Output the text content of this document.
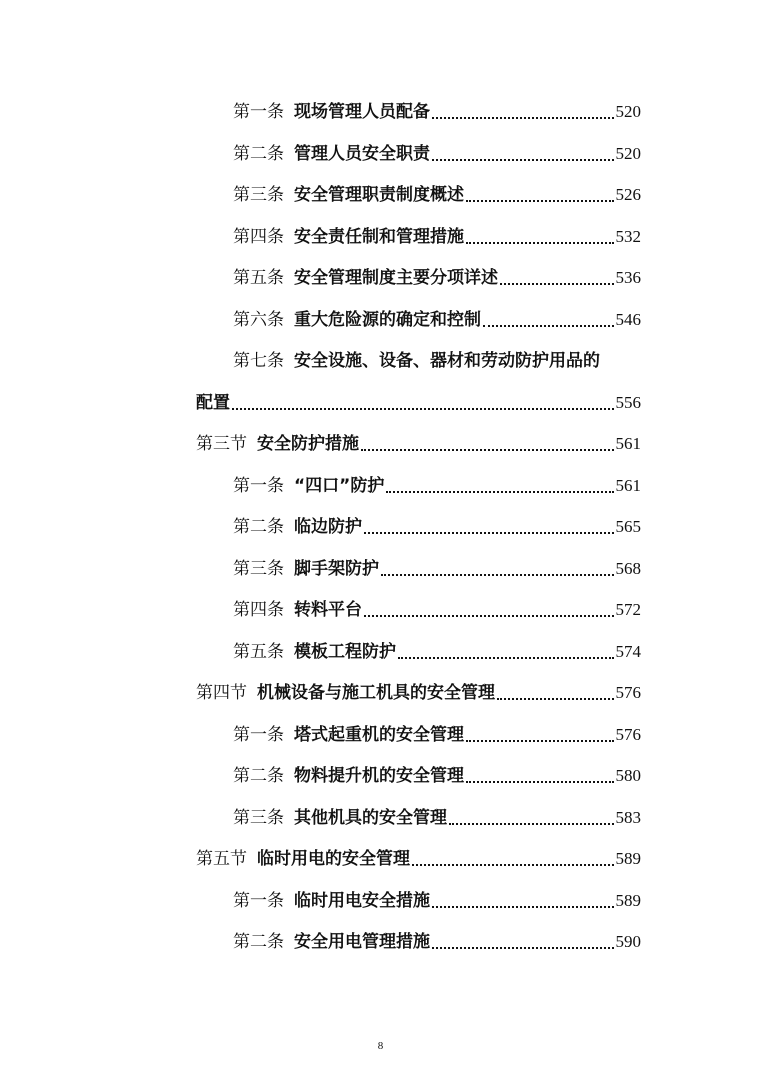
第一条 现场管理人员配备	520
第二条 管理人员安全职责	520
第三条 安全管理职责制度概述	526
第四条 安全责任制和管理措施	532
第五条 安全管理制度主要分项详述	536
第六条 重大危险源的确定和控制	546
第七条 安全设施、设备、器材和劳动防护用品的
配置	556
第三节 安全防护措施	561
第一条 “四口”防护	561
第二条 临边防护	565
第三条 脚手架防护	568
第四条 转料平台	572
第五条 模板工程防护	574
第四节 机械设备与施工机具的安全管理	576
第一条 塔式起重机的安全管理	576
第二条 物料提升机的安全管理	580
第三条 其他机具的安全管理	583
第五节 临时用电的安全管理	589
第一条 临时用电安全措施	589
第二条 安全用电管理措施	590
8
